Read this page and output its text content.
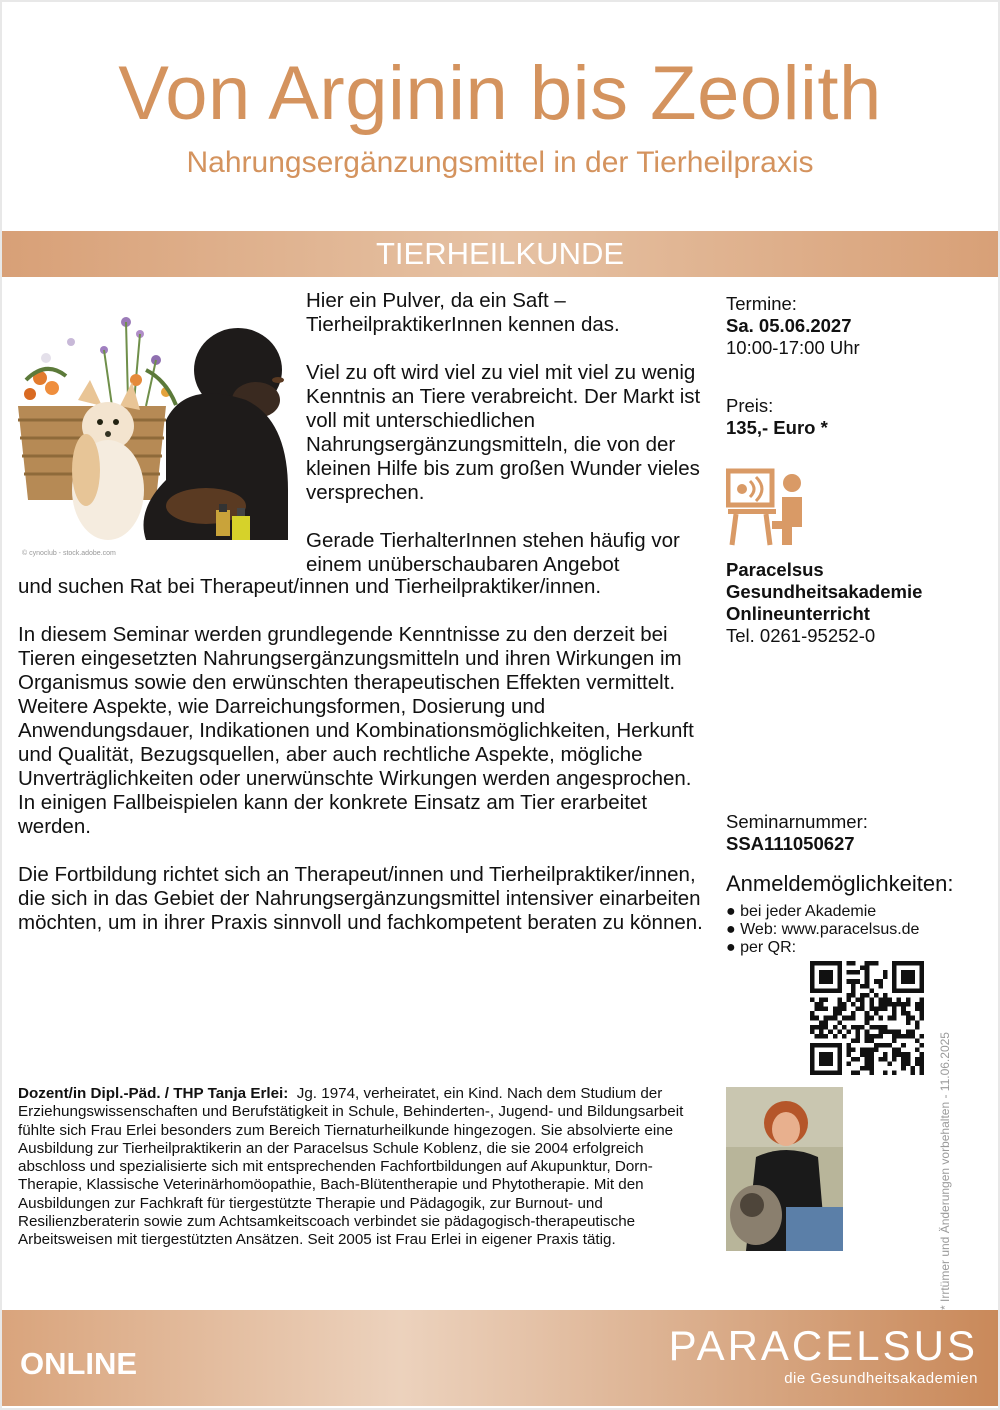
Von Arginin bis Zeolith
Nahrungsergänzungsmittel in der Tierheilpraxis
TIERHEILKUNDE
© cynoclub - stock.adobe.com

Hier ein Pulver, da ein Saft – TierheilpraktikerInnen kennen das.

Viel zu oft wird viel zu viel mit viel zu wenig Kenntnis an Tiere verabreicht. Der Markt ist voll mit unterschiedlichen Nahrungsergänzungsmitteln, die von der kleinen Hilfe bis zum großen Wunder vieles versprechen.

Gerade TierhalterInnen stehen häufig vor einem unüberschaubaren Angebot

und suchen Rat bei Therapeut/innen und Tierheilpraktiker/innen.

In diesem Seminar werden grundlegende Kenntnisse zu den derzeit bei Tieren eingesetzten Nahrungsergänzungsmitteln und ihren Wirkungen im Organismus sowie den erwünschten therapeutischen Effekten vermittelt. Weitere Aspekte, wie Darreichungsformen, Dosierung und Anwendungsdauer, Indikationen und Kombinationsmöglichkeiten, Herkunft und Qualität, Bezugsquellen, aber auch rechtliche Aspekte, mögliche Unverträglichkeiten oder unerwünschte Wirkungen werden angesprochen. In einigen Fallbeispielen kann der konkrete Einsatz am Tier erarbeitet werden.

Die Fortbildung richtet sich an Therapeut/innen und Tierheilpraktiker/innen, die sich in das Gebiet der Nahrungsergänzungsmittel intensiver einarbeiten möchten, um in ihrer Praxis sinnvoll und fachkompetent beraten zu können.

Termine:
Sa. 05.06.2027
10:00-17:00 Uhr
Preis:
135,- Euro *
Paracelsus
Gesundheitsakademie
Onlineunterricht
Tel. 0261-95252-0
Seminarnummer:
SSA111050627
Anmeldemöglichkeiten:
● bei jeder Akademie
● Web: www.paracelsus.de
● per QR:
Dozent/in Dipl.-Päd. / THP Tanja Erlei: Jg. 1974, verheiratet, ein Kind. Nach dem Studium der Erziehungswissenschaften und Berufstätigkeit in Schule, Behinderten-, Jugend- und Bildungsarbeit fühlte sich Frau Erlei besonders zum Bereich Tiernaturheilkunde hingezogen. Sie absolvierte eine Ausbildung zur Tierheilpraktikerin an der Paracelsus Schule Koblenz, die sie 2004 erfolgreich abschloss und spezialisierte sich mit entsprechenden Fachfortbildungen auf Akupunktur, Dorn-Therapie, Klassische Veterinärhomöopathie, Bach-Blütentherapie und Phytotherapie. Mit den Ausbildungen zur Fachkraft für tiergestützte Therapie und Pädagogik, zur Burnout- und Resilienzberaterin sowie zum Achtsamkeitscoach verbindet sie pädagogisch-therapeutische Arbeitsweisen mit tiergestützten Ansätzen. Seit 2005 ist Frau Erlei in eigener Praxis tätig.	* Irrtümer und Änderungen vorbehalten - 11.06.2025
ONLINE	PARACELSUS
die Gesundheitsakademien
